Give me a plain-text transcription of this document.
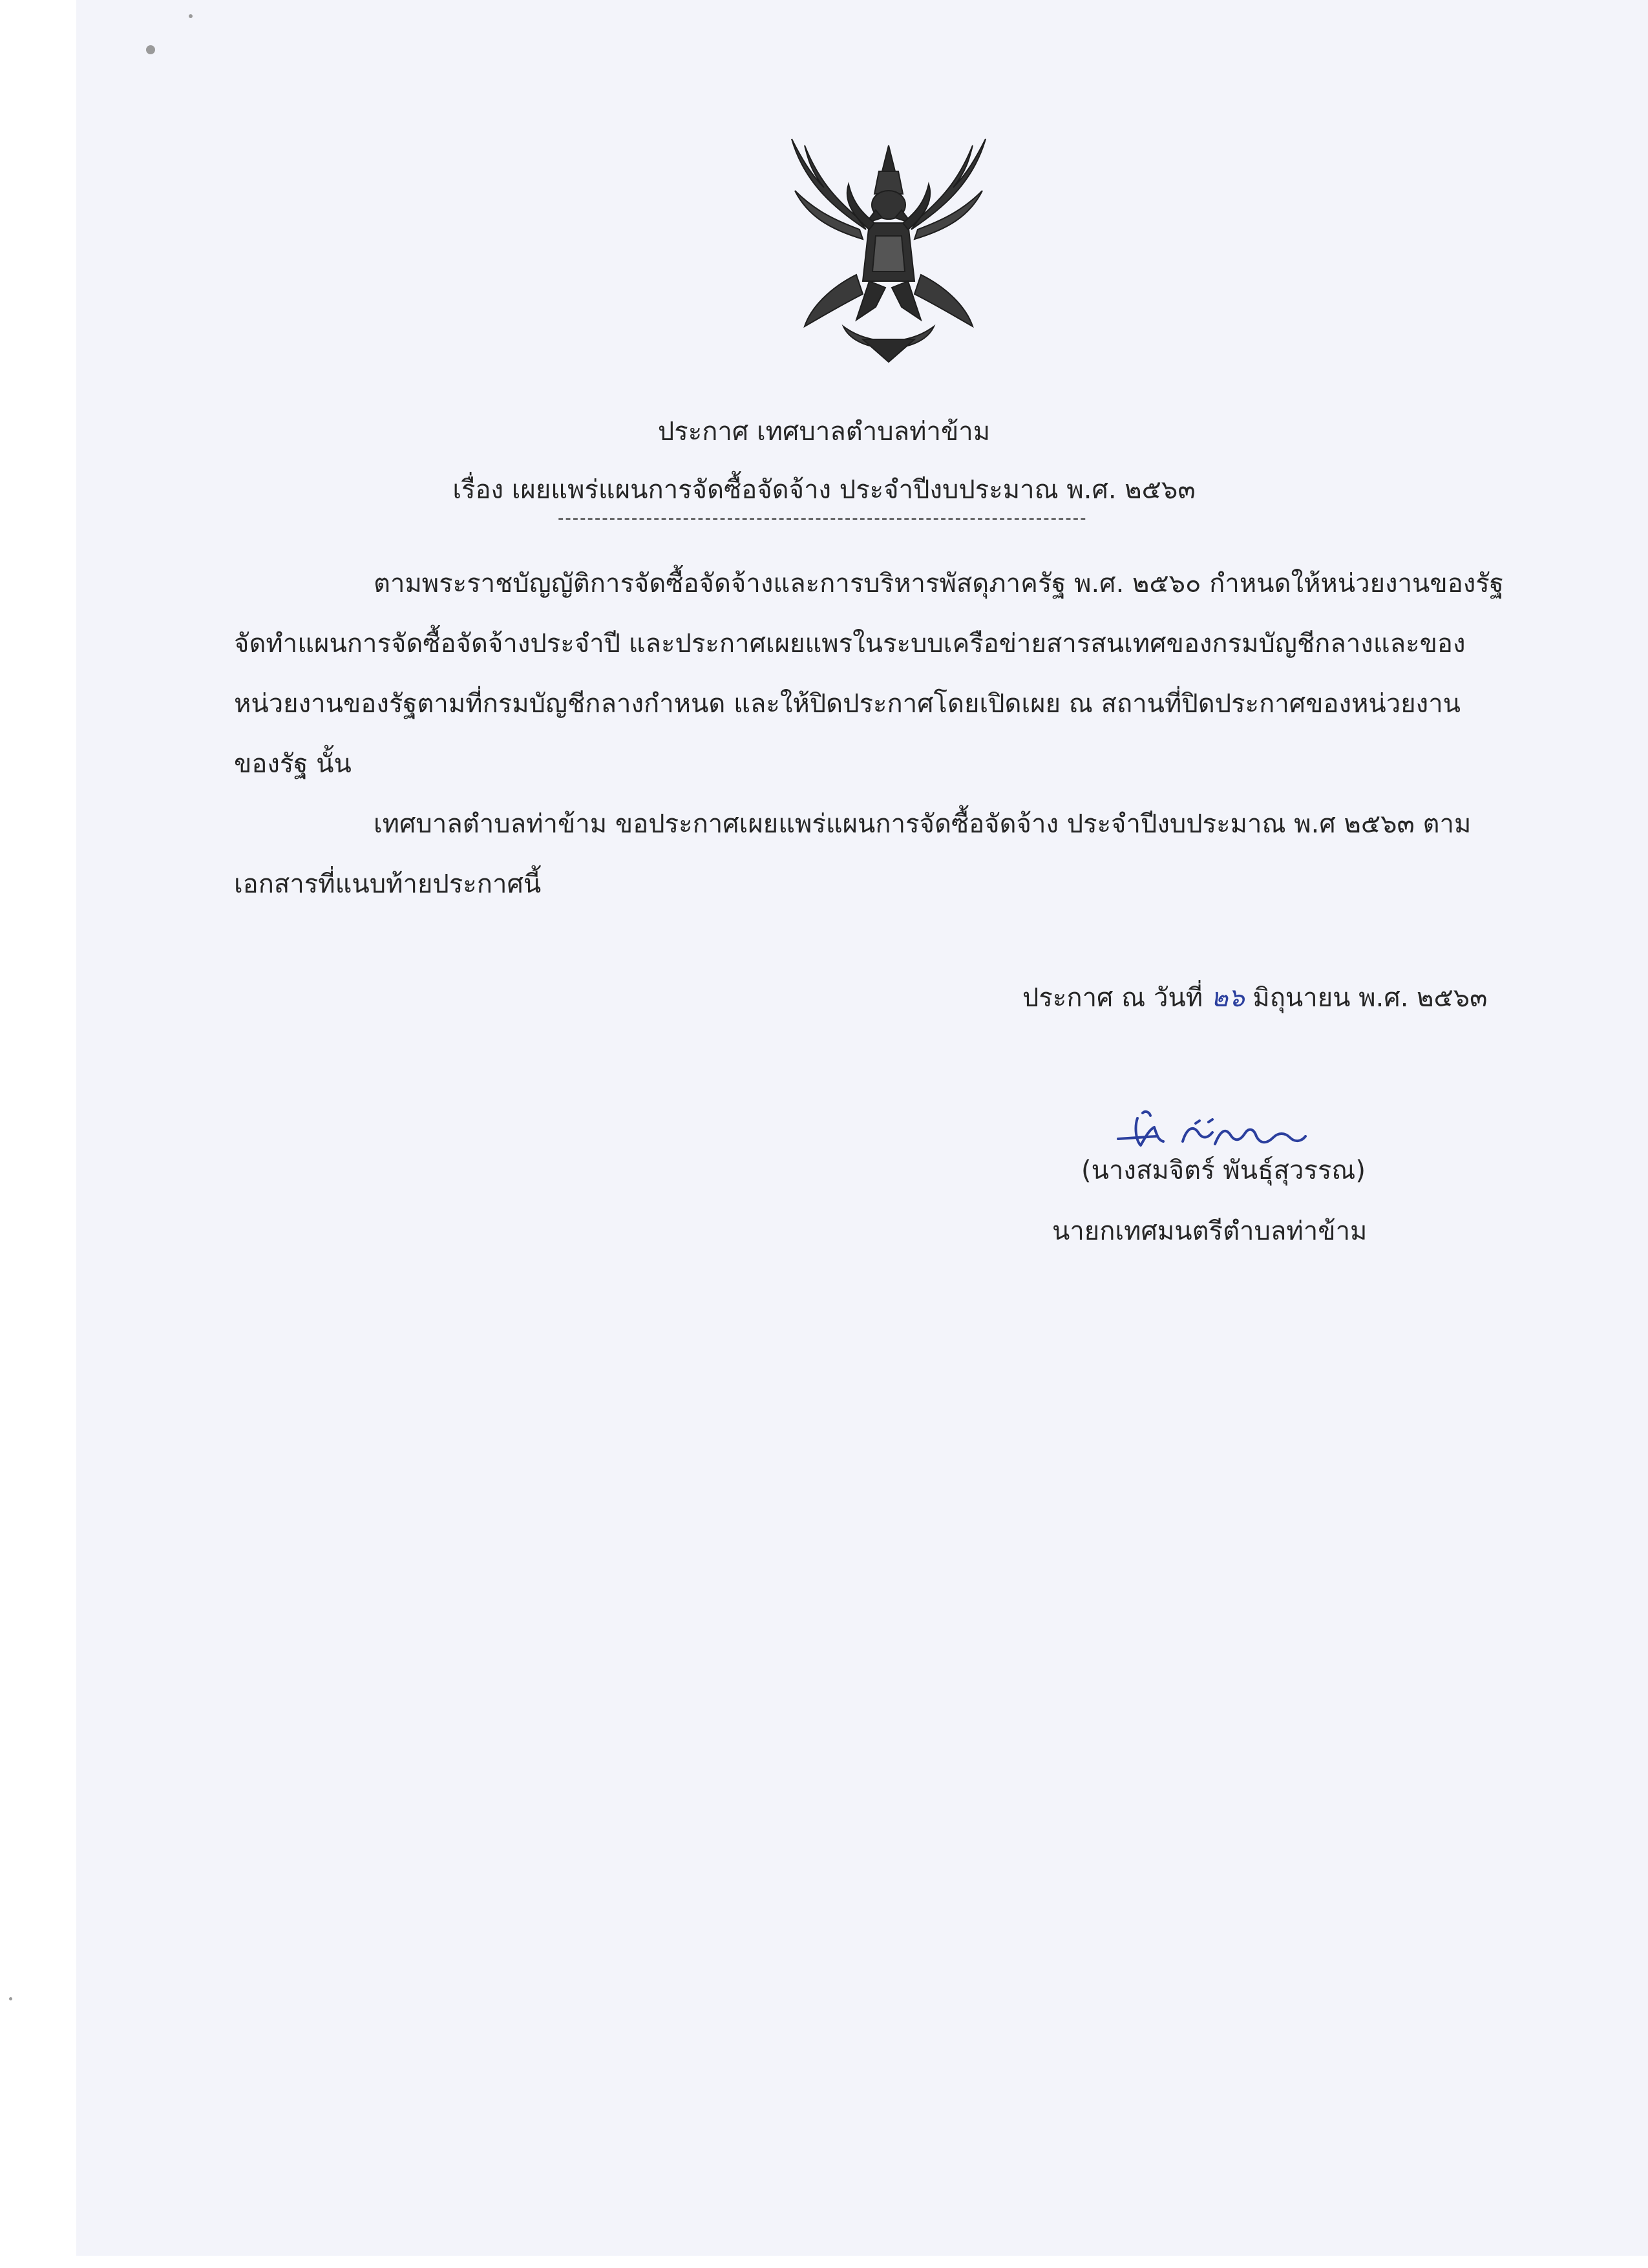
ประกาศ เทศบาลตำบลท่าข้าม
เรื่อง เผยแพร่แผนการจัดซื้อจัดจ้าง ประจำปีงบประมาณ พ.ศ. ๒๕๖๓
------------------------------------------------------------------------
ตามพระราชบัญญัติการจัดซื้อจัดจ้างและการบริหารพัสดุภาครัฐ พ.ศ. ๒๕๖๐ กำหนดให้หน่วยงานของรัฐ
จัดทำแผนการจัดซื้อจัดจ้างประจำปี และประกาศเผยแพรในระบบเครือข่ายสารสนเทศของกรมบัญชีกลางและของ
หน่วยงานของรัฐตามที่กรมบัญชีกลางกำหนด และให้ปิดประกาศโดยเปิดเผย ณ สถานที่ปิดประกาศของหน่วยงาน
ของรัฐ นั้น
เทศบาลตำบลท่าข้าม ขอประกาศเผยแพร่แผนการจัดซื้อจัดจ้าง ประจำปีงบประมาณ พ.ศ ๒๕๖๓ ตาม
เอกสารที่แนบท้ายประกาศนี้
ประกาศ ณ วันที่ ๒๖ มิถุนายน พ.ศ. ๒๕๖๓
(นางสมจิตร์ พันธุ์สุวรรณ)
นายกเทศมนตรีตำบลท่าข้าม
